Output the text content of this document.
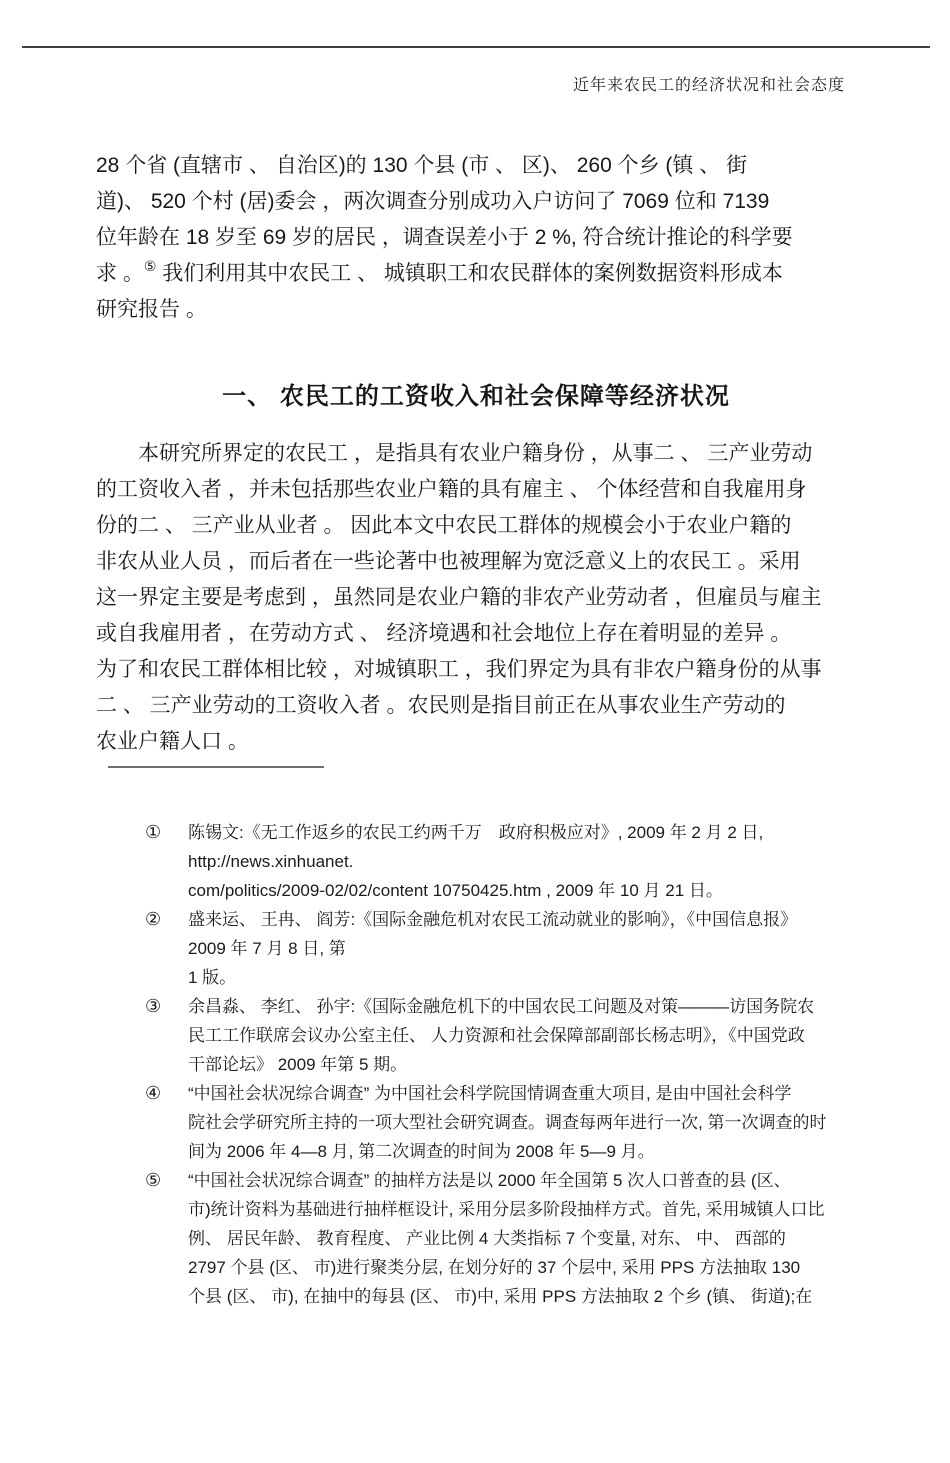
近年来农民工的经济状况和社会态度
28 个省 (直辖市 、 自治区)的 130 个县 (市 、 区)、 260 个乡 (镇 、 街
道)、 520 个村 (居)委会 ，两次调查分别成功入户访问了 7069 位和 7139
位年龄在 18 岁至 69 岁的居民 ，调查误差小于 2 %, 符合统计推论的科学要
求 。⑤ 我们利用其中农民工 、 城镇职工和农民群体的案例数据资料形成本
研究报告 。
一、 农民工的工资收入和社会保障等经济状况
本研究所界定的农民工 ，是指具有农业户籍身份 ，从事二 、 三产业劳动
的工资收入者 ，并未包括那些农业户籍的具有雇主 、 个体经营和自我雇用身
份的二 、 三产业从业者 。 因此本文中农民工群体的规模会小于农业户籍的
非农从业人员 ，而后者在一些论著中也被理解为宽泛意义上的农民工 。采用
这一界定主要是考虑到 ，虽然同是农业户籍的非农产业劳动者 ，但雇员与雇主
或自我雇用者 ，在劳动方式 、 经济境遇和社会地位上存在着明显的差异 。
为了和农民工群体相比较 ，对城镇职工 ，我们界定为具有非农户籍身份的从事
二 、 三产业劳动的工资收入者 。农民则是指目前正在从事农业生产劳动的
农业户籍人口 。
① 陈锡文:《无工作返乡的农民工约两千万　政府积极应对》, 2009 年 2 月 2 日,
http://news.xinhuanet.
com/politics/2009-02/02/content 10750425.htm , 2009 年 10 月 21 日。
② 盛来运、 王冉、 阎芳:《国际金融危机对农民工流动就业的影响》，《中国信息报》
2009 年 7 月 8 日, 第
1 版。
③ 余昌淼、 李红、 孙宇:《国际金融危机下的中国农民工问题及对策———访国务院农
民工工作联席会议办公室主任、 人力资源和社会保障部副部长杨志明》，《中国党政
干部论坛》 2009 年第 5 期。
④ “中国社会状况综合调查” 为中国社会科学院国情调查重大项目, 是由中国社会科学
院社会学研究所主持的一项大型社会研究调查。调查每两年进行一次, 第一次调查的时
间为 2006 年 4—8 月, 第二次调查的时间为 2008 年 5—9 月。
⑤ “中国社会状况综合调查” 的抽样方法是以 2000 年全国第 5 次人口普查的县 (区、
市)统计资料为基础进行抽样框设计, 采用分层多阶段抽样方式。首先, 采用城镇人口比
例、 居民年龄、 教育程度、 产业比例 4 大类指标 7 个变量, 对东、 中、 西部的
2797 个县 (区、 市)进行聚类分层, 在划分好的 37 个层中, 采用 PPS 方法抽取 130
个县 (区、 市), 在抽中的每县 (区、 市)中, 采用 PPS 方法抽取 2 个乡 (镇、 街道);在
